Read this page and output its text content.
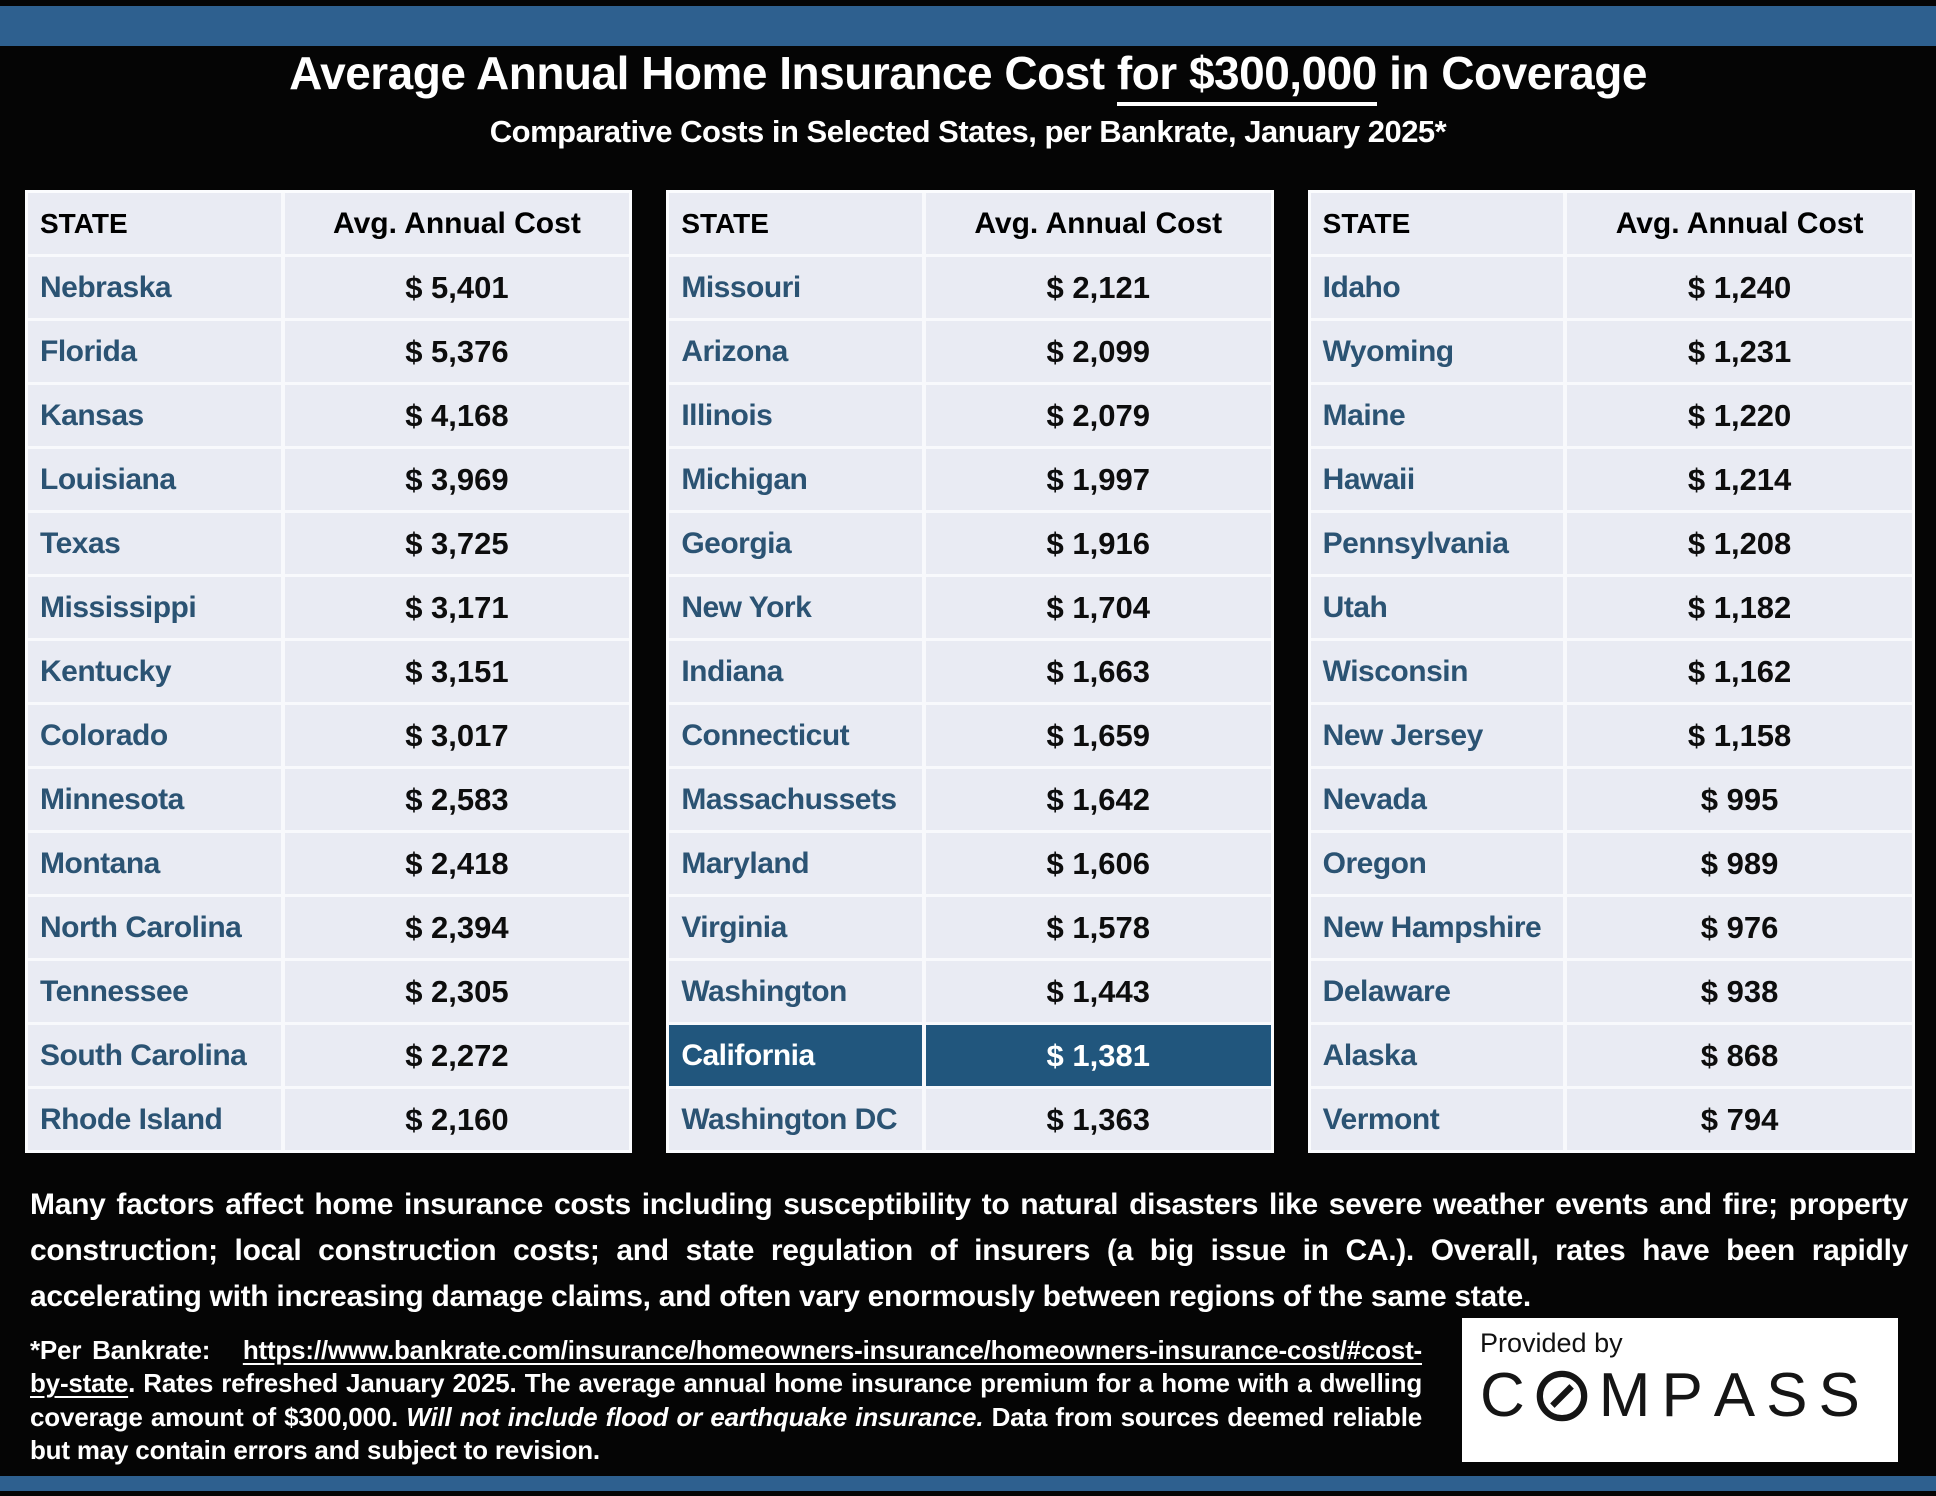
Average Annual Home Insurance Cost for $300,000 in Coverage
Comparative Costs in Selected States, per Bankrate, January 2025*
STATE	Avg. Annual Cost
Nebraska	$ 5,401
Florida	$ 5,376
Kansas	$ 4,168
Louisiana	$ 3,969
Texas	$ 3,725
Mississippi	$ 3,171
Kentucky	$ 3,151
Colorado	$ 3,017
Minnesota	$ 2,583
Montana	$ 2,418
North Carolina	$ 2,394
Tennessee	$ 2,305
South Carolina	$ 2,272
Rhode Island	$ 2,160
STATE	Avg. Annual Cost
Missouri	$ 2,121
Arizona	$ 2,099
Illinois	$ 2,079
Michigan	$ 1,997
Georgia	$ 1,916
New York	$ 1,704
Indiana	$ 1,663
Connecticut	$ 1,659
Massachussets	$ 1,642
Maryland	$ 1,606
Virginia	$ 1,578
Washington	$ 1,443
California	$ 1,381
Washington DC	$ 1,363
STATE	Avg. Annual Cost
Idaho	$ 1,240
Wyoming	$ 1,231
Maine	$ 1,220
Hawaii	$ 1,214
Pennsylvania	$ 1,208
Utah	$ 1,182
Wisconsin	$ 1,162
New Jersey	$ 1,158
Nevada	$ 995
Oregon	$ 989
New Hampshire	$ 976
Delaware	$ 938
Alaska	$ 868
Vermont	$ 794
Many factors affect home insurance costs including susceptibility to natural disasters like severe weather events and fire; property construction; local construction costs; and state regulation of insurers (a big issue in CA.). Overall, rates have been rapidly accelerating with increasing damage claims, and often vary enormously between regions of the same state.
*Per Bankrate:   https://www.bankrate.com/insurance/homeowners-insurance/homeowners-insurance-cost/#cost-by-state. Rates refreshed January 2025. The average annual home insurance premium for a home with a dwelling coverage amount of $300,000. Will not include flood or earthquake insurance. Data from sources deemed reliable but may contain errors and subject to revision.
Provided by
C M P A S S
